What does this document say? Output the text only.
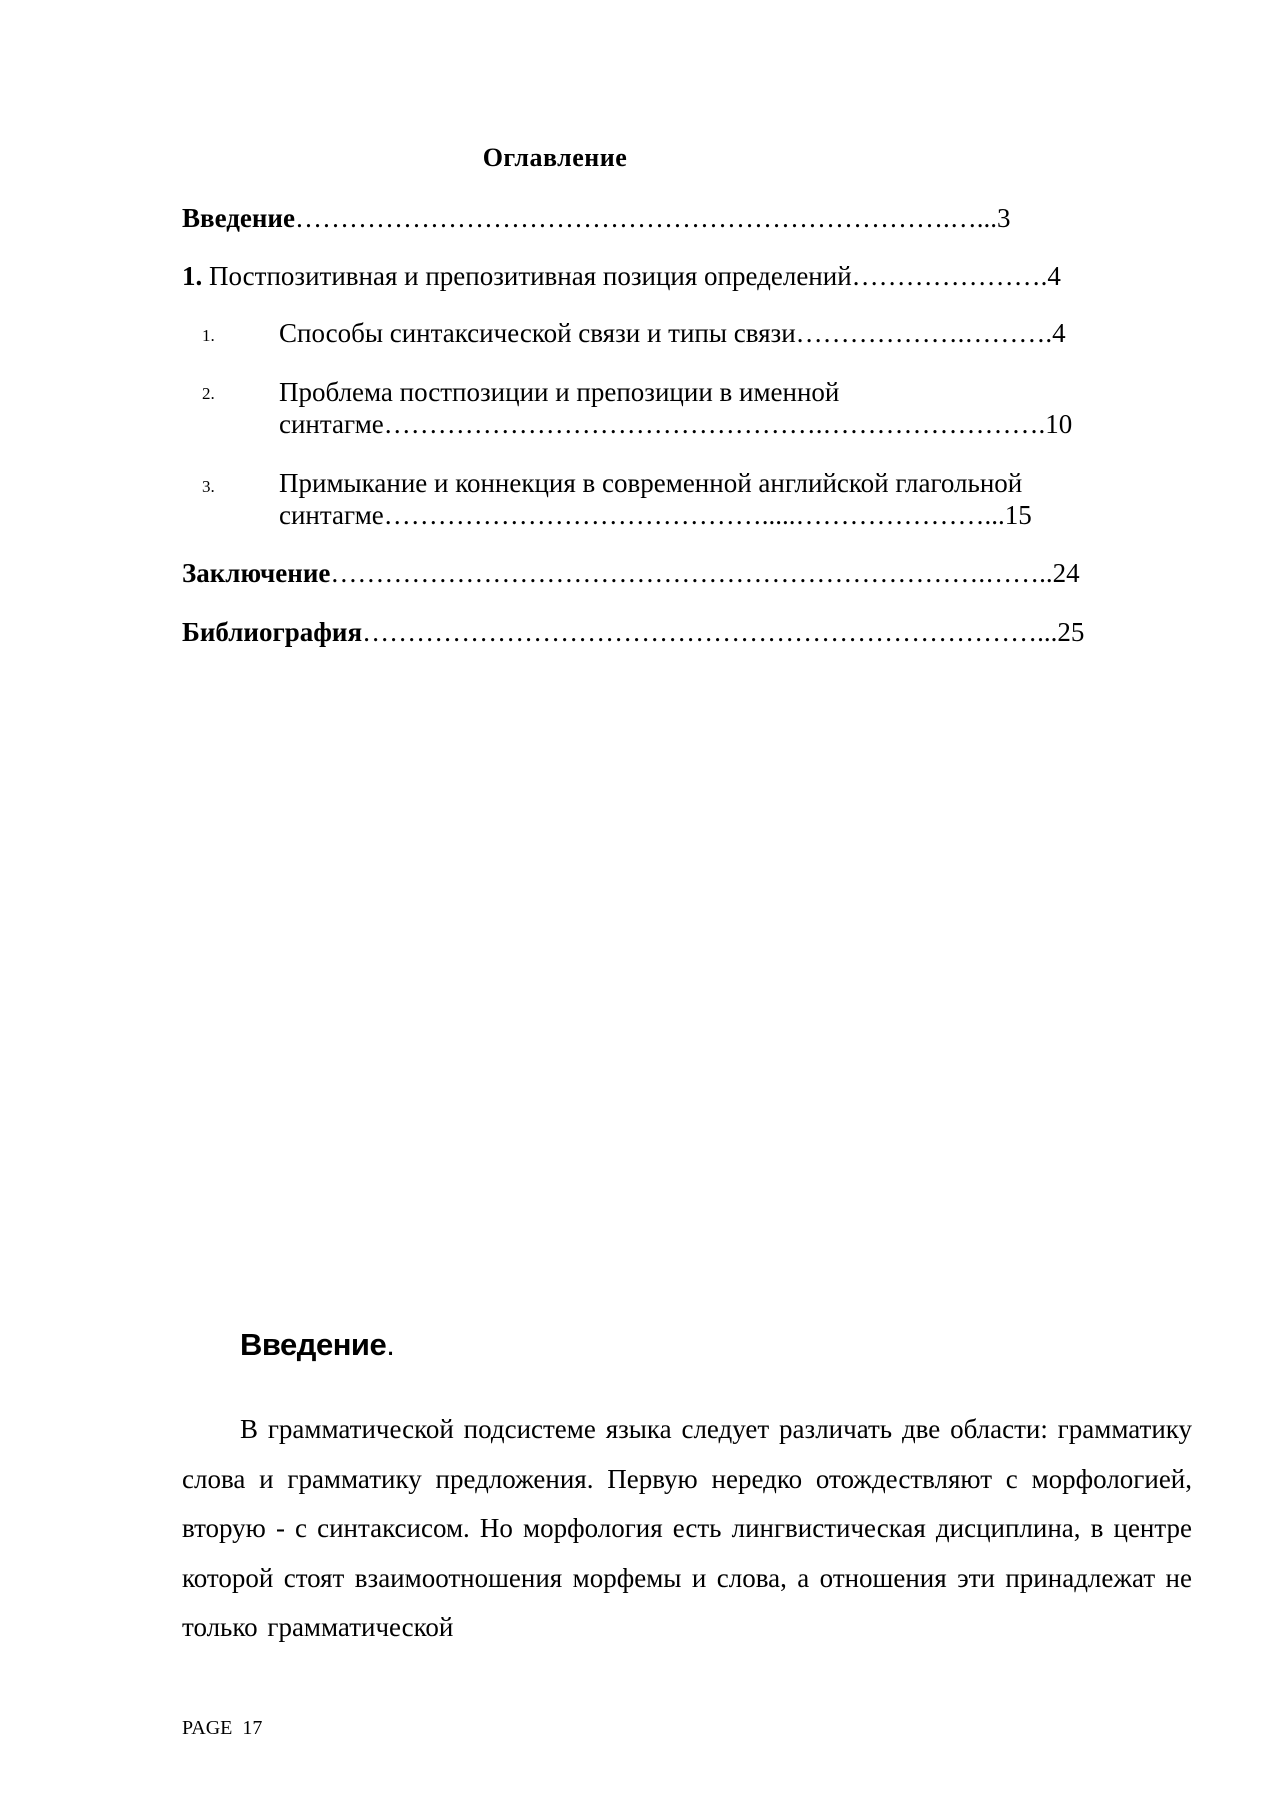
Оглавление
Введение……………………………………………………………….…...3
1. Постпозитивная и препозитивная позиция определений………………….4
1. Способы синтаксической связи и типы связи……………….……….4
2. Проблема постпозиции и препозиции в именной
синтагме………………………………………….…………………….10
3. Примыкание и коннекция в современной английской глагольной
синтагме…………………………………….....…………………...15
Заключение……………………………………………………………….……..24
Библиография…………………………………………………………………...25
Введение.
В грамматической подсистеме языка следует различать две области: грамматику слова и грамматику предложения. Первую нередко отождествляют с морфологией, вторую - с синтаксисом. Но морфология есть лингвистическая дисциплина, в центре которой стоят взаимоотношения морфемы и слова, а отношения эти принадлежат не только грамматической
PAGE 17
